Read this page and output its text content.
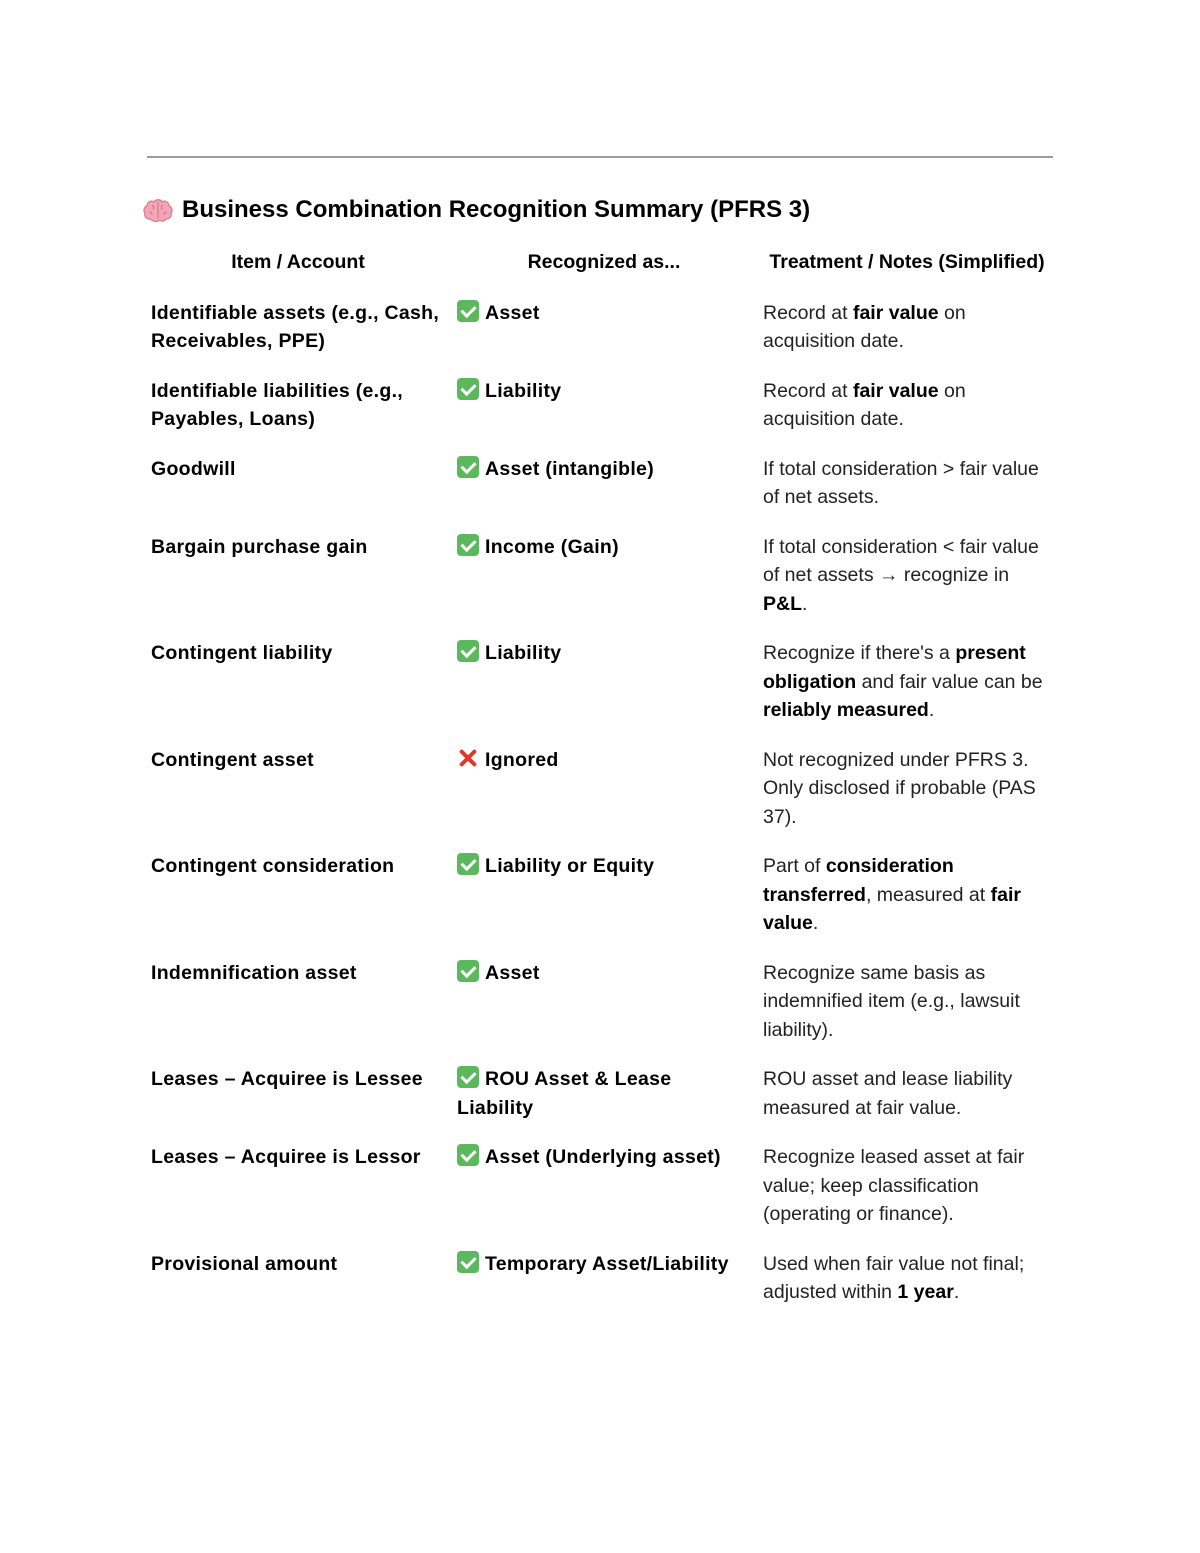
Business Combination Recognition Summary (PFRS 3)
Item / Account	Recognized as...	Treatment / Notes (Simplified)
Identifiable assets (e.g., Cash, Receivables, PPE)	Asset	Record at fair value on acquisition date.
Identifiable liabilities (e.g., Payables, Loans)	Liability	Record at fair value on acquisition date.
Goodwill	Asset (intangible)	If total consideration > fair value of net assets.
Bargain purchase gain	Income (Gain)	If total consideration < fair value of net assets → recognize in P&L.
Contingent liability	Liability	Recognize if there's a present obligation and fair value can be reliably measured.
Contingent asset	Ignored	Not recognized under PFRS 3. Only disclosed if probable (PAS 37).
Contingent consideration	Liability or Equity	Part of consideration transferred, measured at fair value.
Indemnification asset	Asset	Recognize same basis as indemnified item (e.g., lawsuit liability).
Leases – Acquiree is Lessee	ROU Asset & Lease Liability	ROU asset and lease liability measured at fair value.
Leases – Acquiree is Lessor	Asset (Underlying asset)	Recognize leased asset at fair value; keep classification (operating or finance).
Provisional amount	Temporary Asset/Liability	Used when fair value not final; adjusted within 1 year.
